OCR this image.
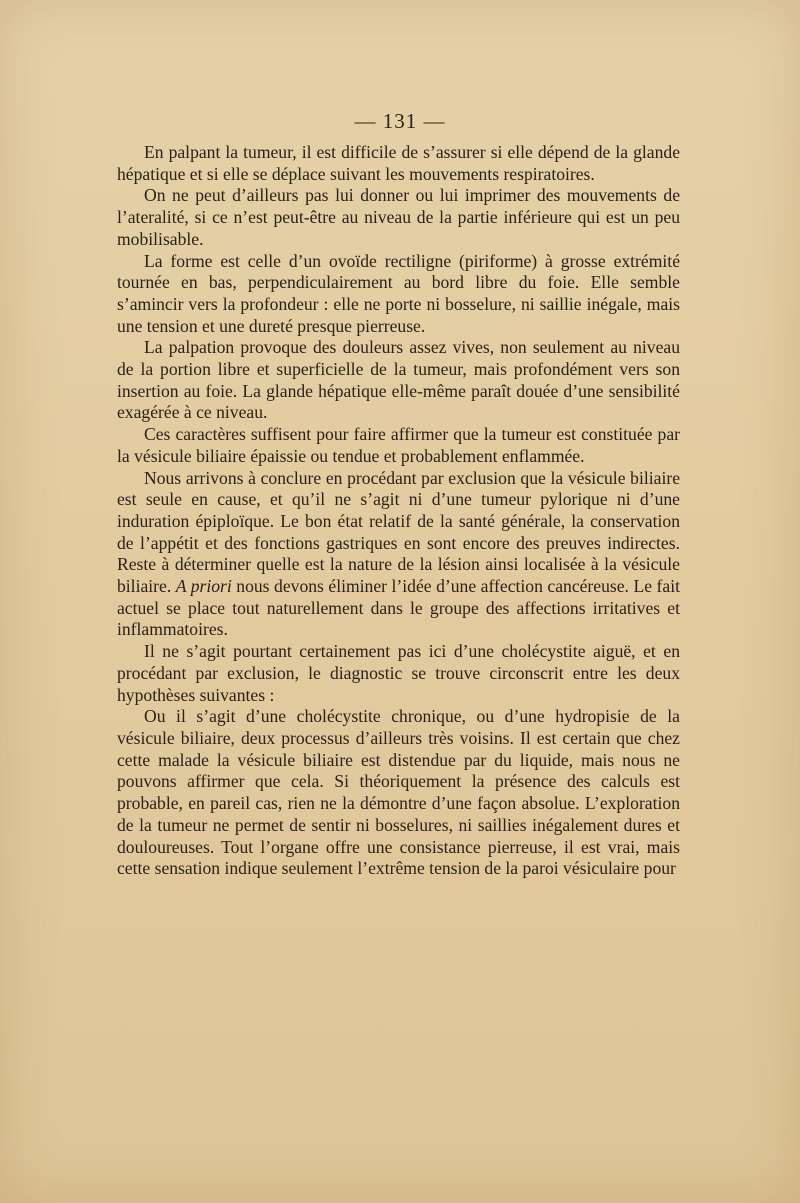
— 131 —

En palpant la tumeur, il est difficile de s’assurer si elle dépend de la glande hépatique et si elle se déplace suivant les mouvements respiratoires.

On ne peut d’ailleurs pas lui donner ou lui imprimer des mouvements de l’ateralité, si ce n’est peut-être au niveau de la partie inférieure qui est un peu mobilisable.

La forme est celle d’un ovoïde rectiligne (piriforme) à grosse extrémité tournée en bas, perpendiculairement au bord libre du foie. Elle semble s’amincir vers la profondeur : elle ne porte ni bosselure, ni saillie inégale, mais une tension et une dureté presque pierreuse.

La palpation provoque des douleurs assez vives, non seulement au niveau de la portion libre et superficielle de la tumeur, mais profondément vers son insertion au foie. La glande hépatique elle-même paraît douée d’une sensibilité exagérée à ce niveau.

Ces caractères suffisent pour faire affirmer que la tumeur est constituée par la vésicule biliaire épaissie ou tendue et probablement enflammée.

Nous arrivons à conclure en procédant par exclusion que la vésicule biliaire est seule en cause, et qu’il ne s’agit ni d’une tumeur pylorique ni d’une induration épiploïque. Le bon état relatif de la santé générale, la conservation de l’appétit et des fonctions gastriques en sont encore des preuves indirectes. Reste à déterminer quelle est la nature de la lésion ainsi localisée à la vésicule biliaire. A priori nous devons éliminer l’idée d’une affection cancéreuse. Le fait actuel se place tout naturellement dans le groupe des affections irritatives et inflammatoires.

Il ne s’agit pourtant certainement pas ici d’une cholécystite aiguë, et en procédant par exclusion, le diagnostic se trouve circonscrit entre les deux hypothèses suivantes :

Ou il s’agit d’une cholécystite chronique, ou d’une hydropisie de la vésicule biliaire, deux processus d’ailleurs très voisins. Il est certain que chez cette malade la vésicule biliaire est distendue par du liquide, mais nous ne pouvons affirmer que cela. Si théoriquement la présence des calculs est probable, en pareil cas, rien ne la démontre d’une façon absolue. L’exploration de la tumeur ne permet de sentir ni bosselures, ni saillies inégalement dures et douloureuses. Tout l’organe offre une consistance pierreuse, il est vrai, mais cette sensation indique seulement l’extrême tension de la paroi vésiculaire pour
